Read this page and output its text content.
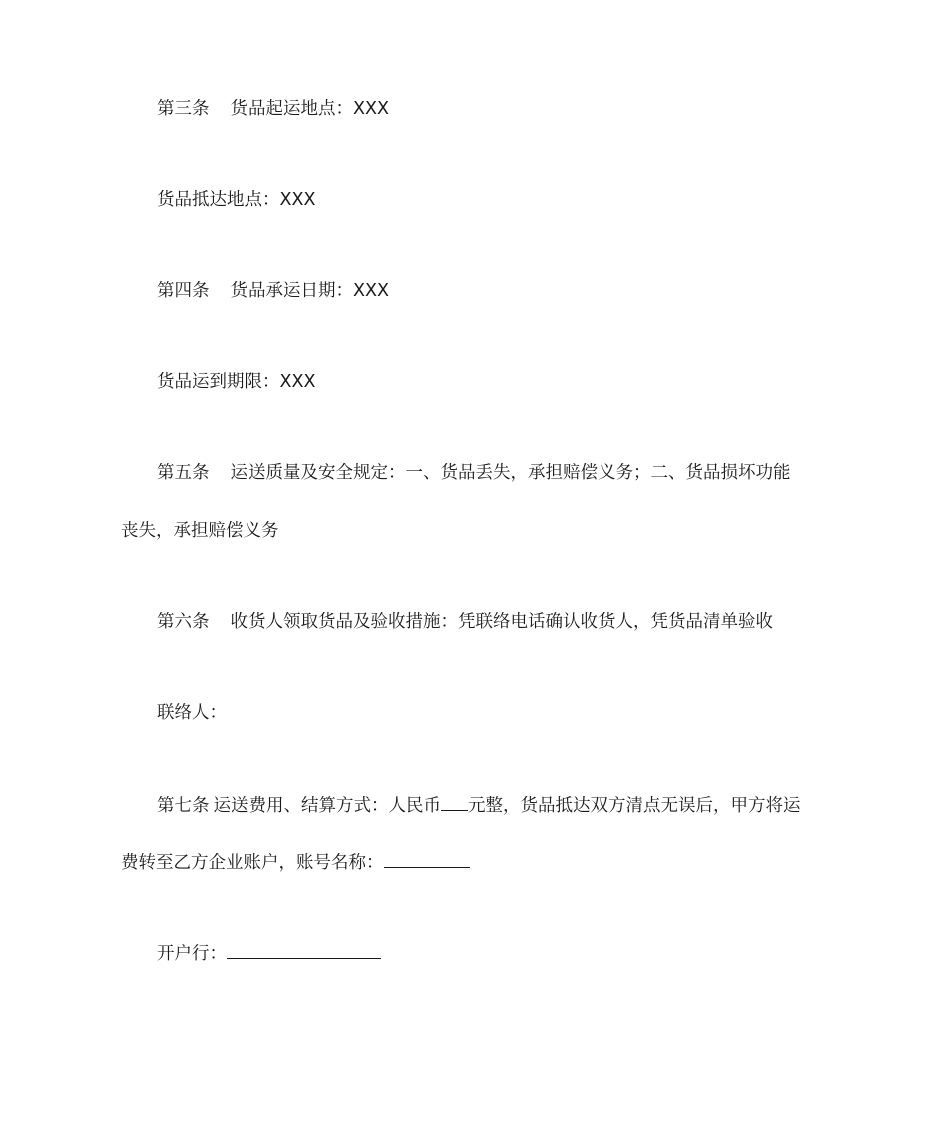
第三条 货品起运地点：XXX
货品抵达地点：XXX
第四条 货品承运日期：XXX
货品运到期限：XXX
第五条 运送质量及安全规定：一、货品丢失，承担赔偿义务；二、货品损坏功能
丧失，承担赔偿义务
第六条 收货人领取货品及验收措施：凭联络电话确认收货人，凭货品清单验收
联络人：
第七条 运送费用、结算方式：人民币 元整，货品抵达双方清点无误后，甲方将运
费转至乙方企业账户，账号名称：
开户行：
